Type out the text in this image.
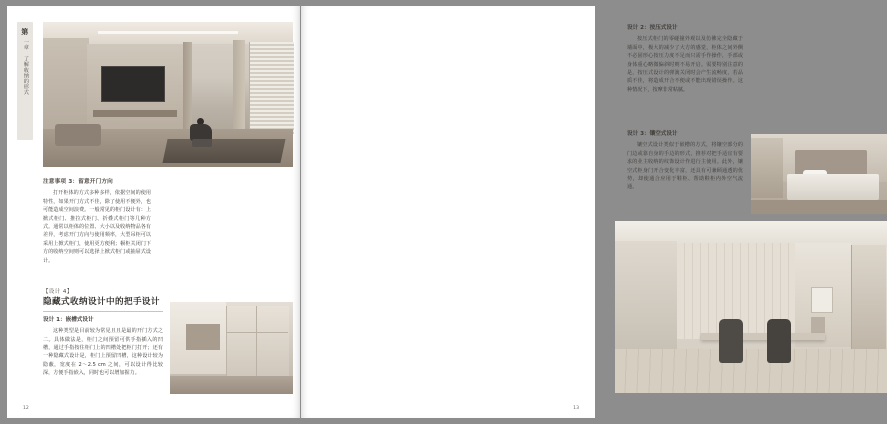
第
一章
了解收纳的形式
注意事项 3：留意开门方向
打开柜体的方式多种多样，依据空间的使用特性，如果开门方式不佳，除了使用不便外，也可能造成空间浪费。一般常见的柜门设计有：上掀式柜门、推拉式柜门、折叠式柜门等几种方式。通常以柜体的位置、大小以及收纳物品各有差异，考虑开门方向与使用频率，大型吊柜可以采用上掀式柜门，使用更方便利；橱柜关闭门下方的收纳空间则可以选择上掀式柜门或抽屉式设计。
【设计 4】
隐藏式收纳设计中的把手设计
设计 1：嵌槽式设计
这种类型是目前较为常见且且是最的开门方式之二。具体做法是，柜门之间预留可供手指插入的凹槽，通过手指按住柜门上的凹槽处把柜门打开；还有一种隐藏式设计是，柜门上预留凹槽，这种设计较为隐蔽，宽度在 2～2.5 cm 之间，可以设计得比较深，方便手指嵌入，同时也可以增加握力。
12
设计 2：按压式设计
按压式柜门的零碰撞外观以及仿佛完全隐藏于墙面中，极大的减少了大方的感觉，柜体之间外侧不必固形心按压力度不足而只需手作操作，手部或身体重心略微偏斜时则不易开启。需要特别注意的是，按压式设计的弹簧关闭时会产生流畅度，若品质不佳，将造成开合不便或不能出现错误操作。这种情况下，按摩非常粘腻。
设计 3：镶空式设计
镶空式设计类似于嵌槽的方式，将镶空部分的门边或靠自身的手边的形式，推荐对把手适宜有要求的业主收纳的纹饰设计作进行主使用。此外，镶空式柜身门开合变化丰富，还具有可兼顾通透的优势，却使通合应用于鞋柜、帮助鞋柜内外空气流通。
13
